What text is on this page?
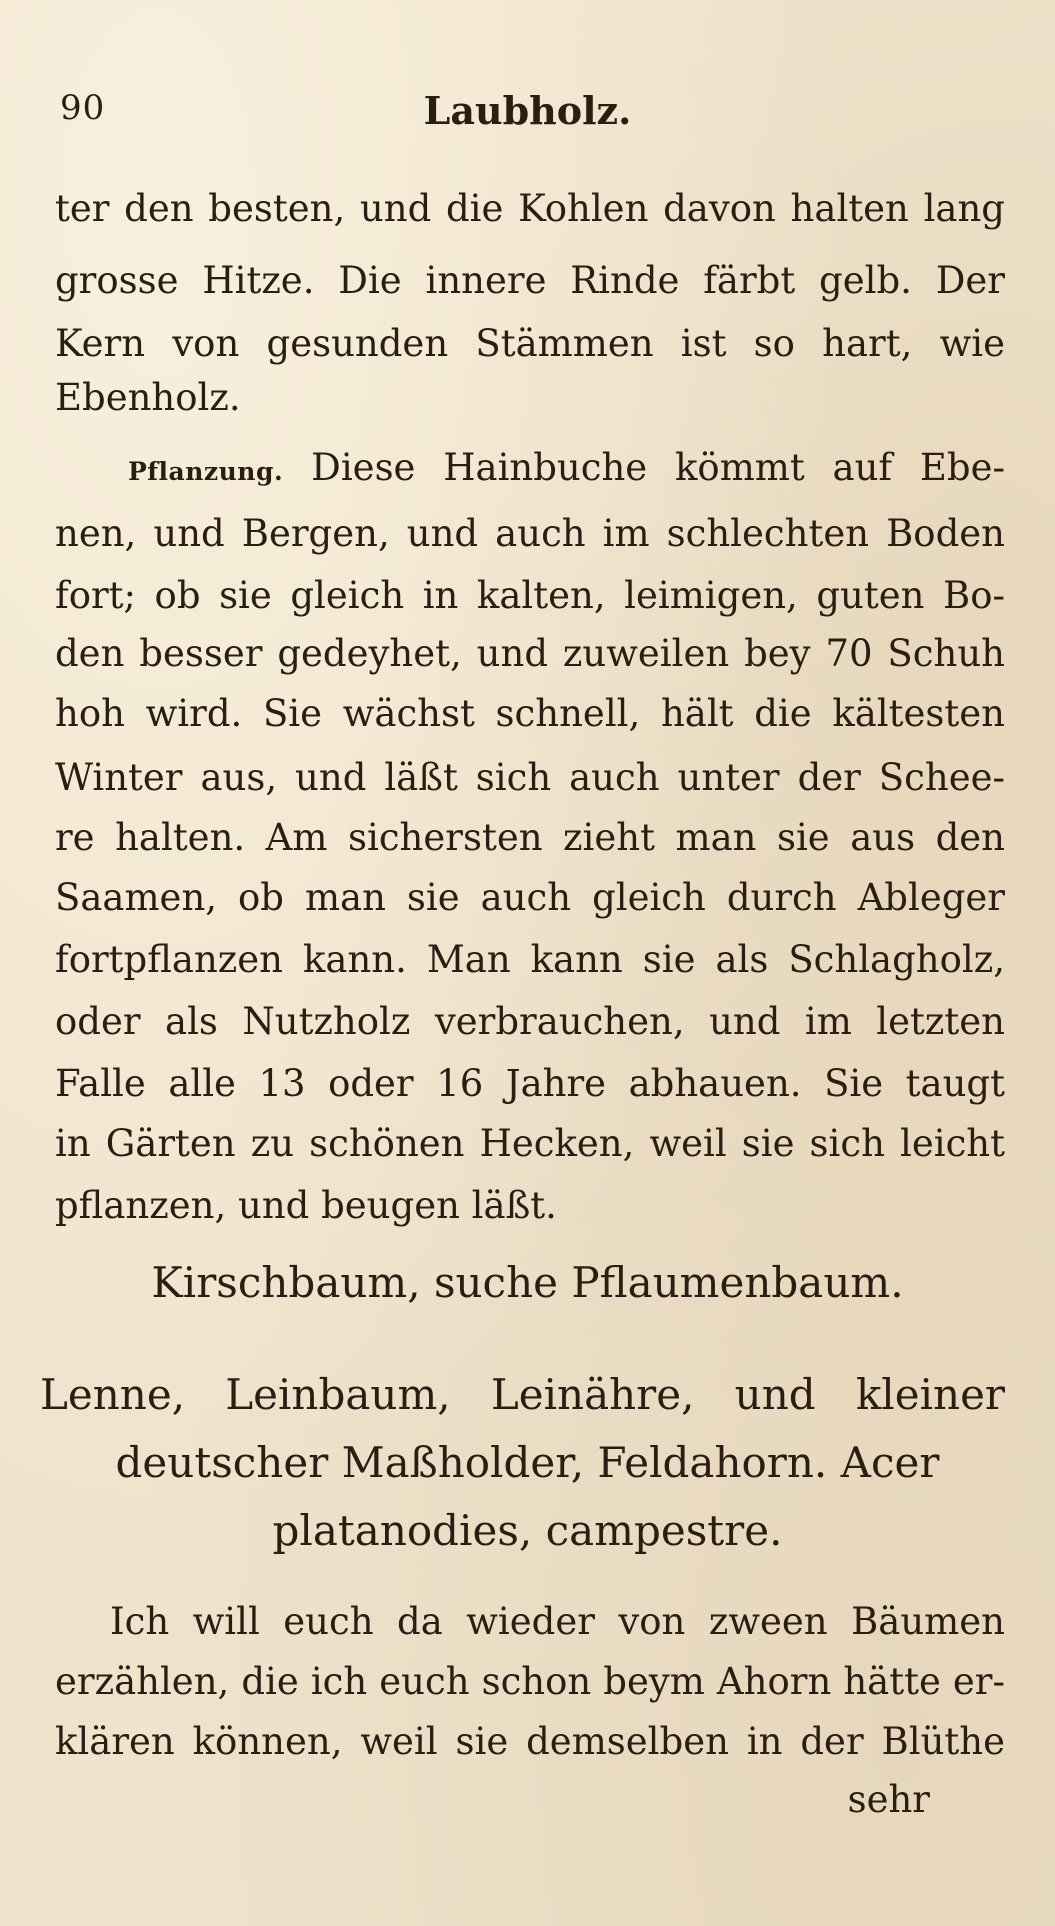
90	Laubholz.
ter den besten, und die Kohlen davon halten lang
grosse Hitze. Die innere Rinde färbt gelb. Der
Kern von gesunden Stämmen ist so hart, wie
Ebenholz.
Pflanzung. Diese Hainbuche kömmt auf Ebe-
nen, und Bergen, und auch im schlechten Boden
fort; ob sie gleich in kalten, leimigen, guten Bo-
den besser gedeyhet, und zuweilen bey 70 Schuh
hoh wird. Sie wächst schnell, hält die kältesten
Winter aus, und läßt sich auch unter der Schee-
re halten. Am sichersten zieht man sie aus den
Saamen, ob man sie auch gleich durch Ableger
fortpflanzen kann. Man kann sie als Schlagholz,
oder als Nutzholz verbrauchen, und im letzten
Falle alle 13 oder 16 Jahre abhauen. Sie taugt
in Gärten zu schönen Hecken, weil sie sich leicht
pflanzen, und beugen läßt.
Kirschbaum, suche Pflaumenbaum.
Lenne, Leinbaum, Leinähre, und kleiner
deutscher Maßholder, Feldahorn. Acer
platanodies, campestre.
Ich will euch da wieder von zween Bäumen
erzählen, die ich euch schon beym Ahorn hätte er-
klären können, weil sie demselben in der Blüthe
sehr
